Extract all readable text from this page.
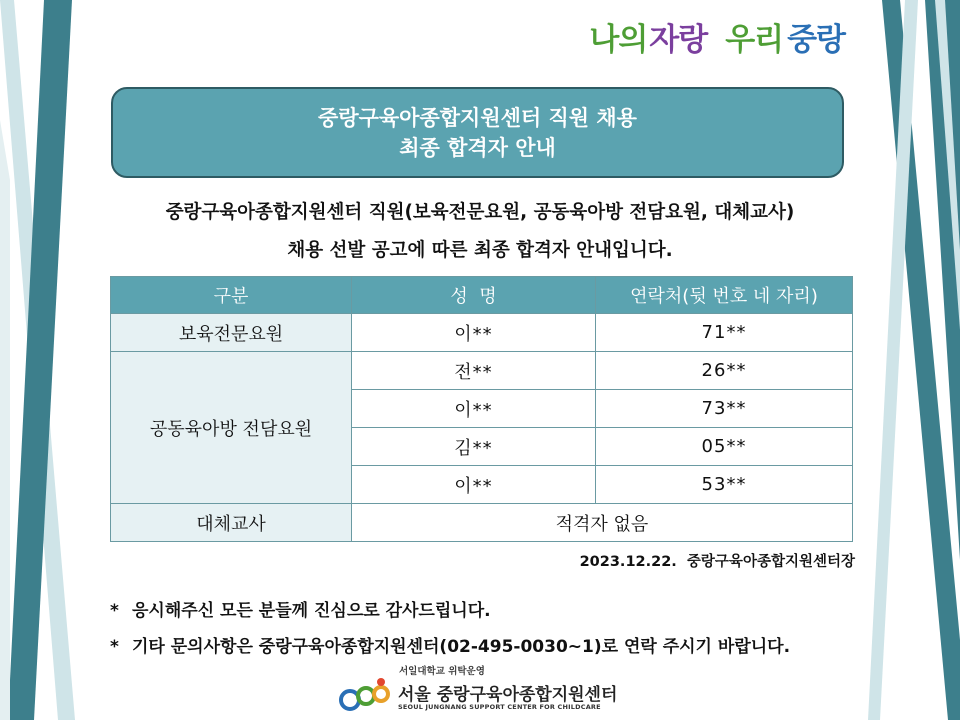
나의 자랑 우리 중랑
중랑구육아종합지원센터 직원 채용
최종 합격자 안내
중랑구육아종합지원센터 직원(보육전문요원, 공동육아방 전담요원, 대체교사)
채용 선발 공고에 따른 최종 합격자 안내입니다.
구분	성  명	연락처(뒷 번호 네 자리)
보육전문요원	이**	71**
공동육아방 전담요원	전**	26**
	이**	73**
	김**	05**
	이**	53**
대체교사	적격자 없음	
2023.12.22.  중랑구육아종합지원센터장
* 응시해주신 모든 분들께 진심으로 감사드립니다.
* 기타 문의사항은 중랑구육아종합지원센터(02-495-0030~1)로 연락 주시기 바랍니다.
서일대학교 위탁운영
서울 중랑구육아종합지원센터
SEOUL JUNGNANG SUPPORT CENTER FOR CHILDCARE
